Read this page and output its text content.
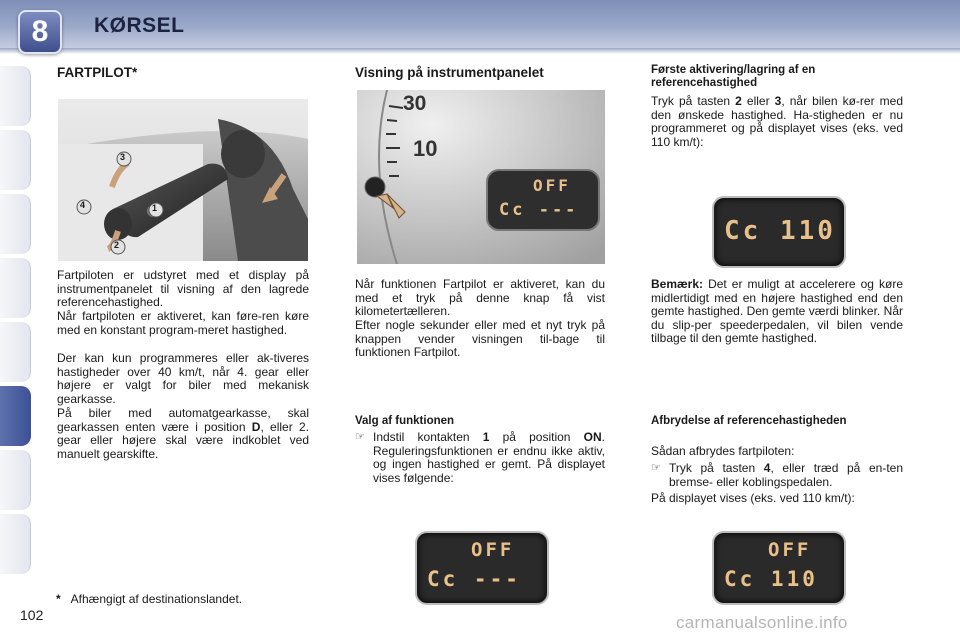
8	KØRSEL
FARTPILOT*
3
4	1
2
Fartpiloten er udstyret med et display på instrumentpanelet til visning af den lagrede referencehastighed.
Når fartpiloten er aktiveret, kan føre-ren køre med en konstant program-meret hastighed.
Der kan kun programmeres eller ak-tiveres hastigheder over 40 km/t, når 4. gear eller højere er valgt for biler med mekanisk gearkasse.
På biler med automatgearkasse, skal gearkassen enten være i position D, eller 2. gear eller højere skal være indkoblet ved manuelt gearskifte.
* Afhængigt af destinationslandet.
102
Visning på instrumentpanelet
30
10
OFF
Cc ---
Når funktionen Fartpilot er aktiveret, kan du med et tryk på denne knap få vist kilometertælleren.
Efter nogle sekunder eller med et nyt tryk på knappen vender visningen til-bage til funktionen Fartpilot.
Valg af funktionen
☞ Indstil kontakten 1 på position ON. Reguleringsfunktionen er endnu ikke aktiv, og ingen hastighed er gemt. På displayet vises følgende:
OFF
Cc ---
Første aktivering/lagring af en referencehastighed
Tryk på tasten 2 eller 3, når bilen kø-rer med den ønskede hastighed. Ha-stigheden er nu programmeret og på displayet vises (eks. ved 110 km/t):
Cc 110
Bemærk: Det er muligt at accelerere og køre midlertidigt med en højere hastighed end den gemte hastighed. Den gemte værdi blinker. Når du slip-per speederpedalen, vil bilen vende tilbage til den gemte hastighed.
Afbrydelse af referencehastigheden
Sådan afbrydes fartpiloten:
☞ Tryk på tasten 4, eller træd på en-ten bremse- eller koblingspedalen.
På displayet vises (eks. ved 110 km/t):
OFF
Cc 110
carmanualsonline.info
